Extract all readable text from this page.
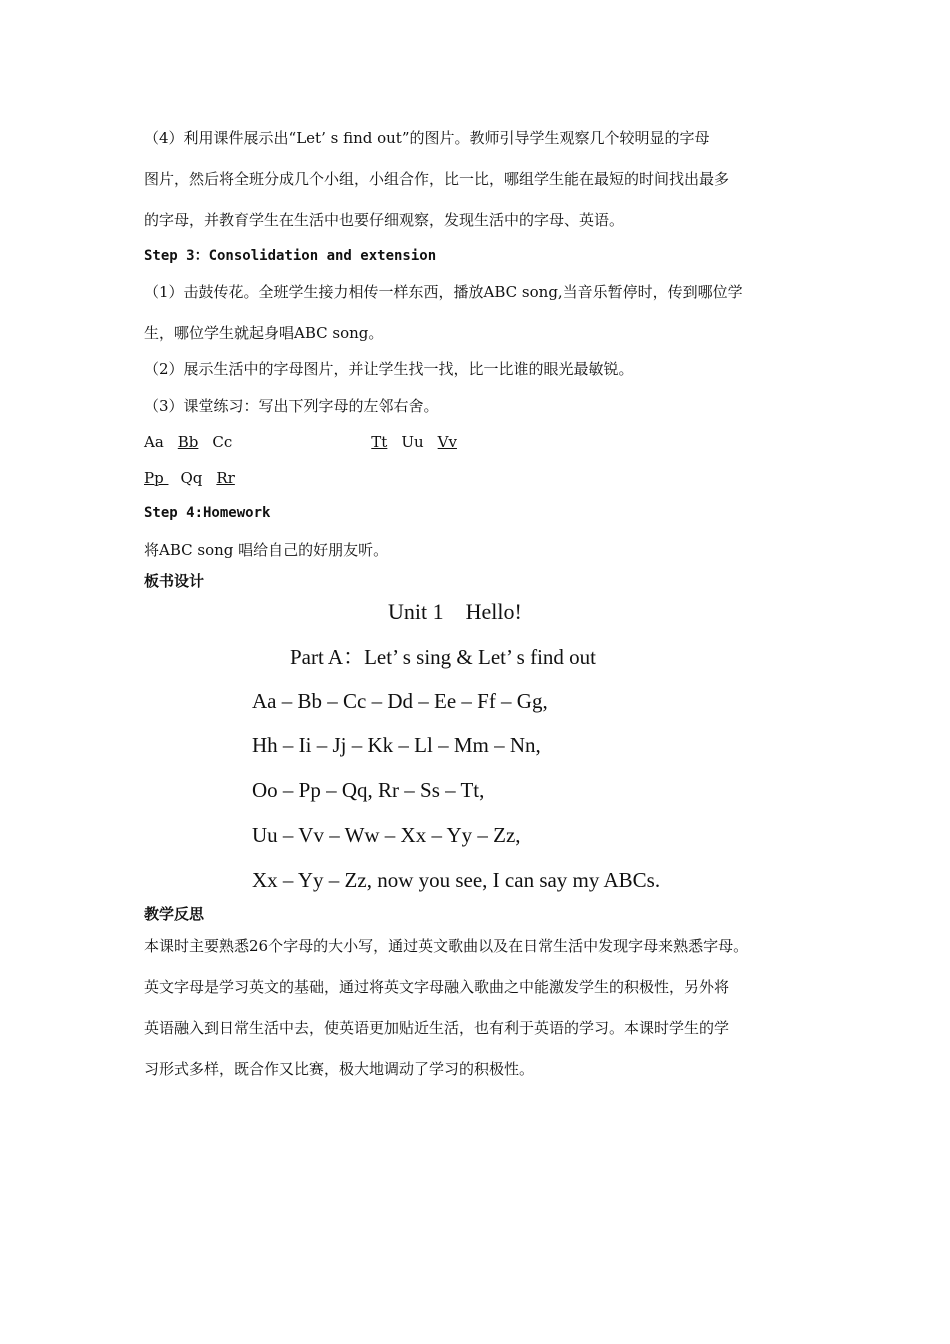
（4）利用课件展示出“Let’ s find out”的图片。教师引导学生观察几个较明显的字母
图片，然后将全班分成几个小组，小组合作，比一比，哪组学生能在最短的时间找出最多
的字母，并教育学生在生活中也要仔细观察，发现生活中的字母、英语。
Step 3：Consolidation and extension
（1）击鼓传花。全班学生接力相传一样东西，播放ABC song,当音乐暂停时，传到哪位学
生，哪位学生就起身唱ABC song。
（2）展示生活中的字母图片，并让学生找一找，比一比谁的眼光最敏锐。
（3）课堂练习：写出下列字母的左邻右舍。
Aa Bb Cc	Tt Uu Vv
Pp Qq Rr
Step 4:Homework
将ABC song 唱给自己的好朋友听。
板书设计
Unit 1    Hello!
Part A：Let’ s sing & Let’ s find out
Aa – Bb – Cc – Dd – Ee – Ff – Gg,
Hh – Ii – Jj – Kk – Ll – Mm – Nn,
Oo – Pp – Qq, Rr – Ss – Tt,
Uu – Vv – Ww – Xx – Yy – Zz,
Xx – Yy – Zz, now you see, I can say my ABCs.
教学反思
本课时主要熟悉26个字母的大小写，通过英文歌曲以及在日常生活中发现字母来熟悉字母。
英文字母是学习英文的基础，通过将英文字母融入歌曲之中能激发学生的积极性，另外将
英语融入到日常生活中去，使英语更加贴近生活，也有利于英语的学习。本课时学生的学
习形式多样，既合作又比赛，极大地调动了学习的积极性。
